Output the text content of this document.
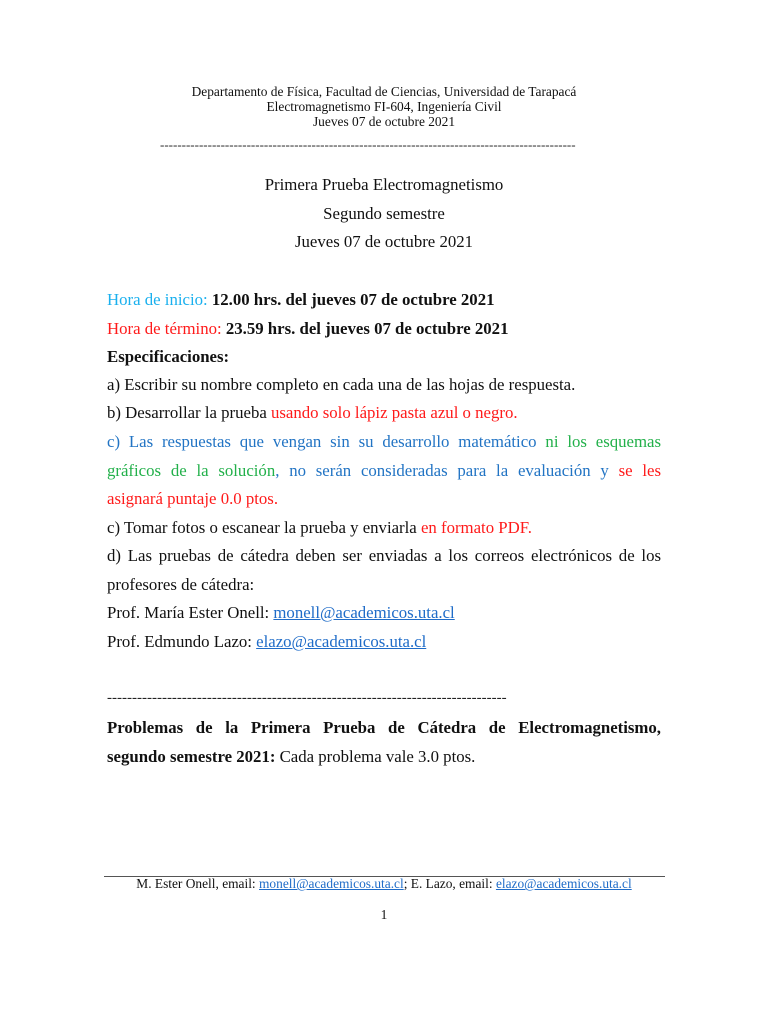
Departamento de Física, Facultad de Ciencias, Universidad de Tarapacá
Electromagnetismo FI-604, Ingeniería Civil
Jueves 07 de octubre 2021
------------------------------------------------------------------------------------------------
Primera Prueba Electromagnetismo
Segundo semestre
Jueves 07 de octubre 2021
Hora de inicio: 12.00 hrs. del jueves 07 de octubre 2021
Hora de término: 23.59 hrs. del jueves 07 de octubre 2021
Especificaciones:
a) Escribir su nombre completo en cada una de las hojas de respuesta.
b) Desarrollar la prueba usando solo lápiz pasta azul o negro.
c) Las respuestas que vengan sin su desarrollo matemático ni los esquemas
gráficos de la solución, no serán consideradas para la evaluación y se les
asignará puntaje 0.0 ptos.
c) Tomar fotos o escanear la prueba y enviarla en formato PDF.
d) Las pruebas de cátedra deben ser enviadas a los correos electrónicos de los
profesores de cátedra:
Prof. María Ester Onell: monell@academicos.uta.cl
Prof. Edmundo Lazo: elazo@academicos.uta.cl
--------------------------------------------------------------------------------
Problemas de la Primera Prueba de Cátedra de Electromagnetismo,
segundo semestre 2021: Cada problema vale 3.0 ptos.
M. Ester Onell, email: monell@academicos.uta.cl; E. Lazo, email: elazo@academicos.uta.cl
1
